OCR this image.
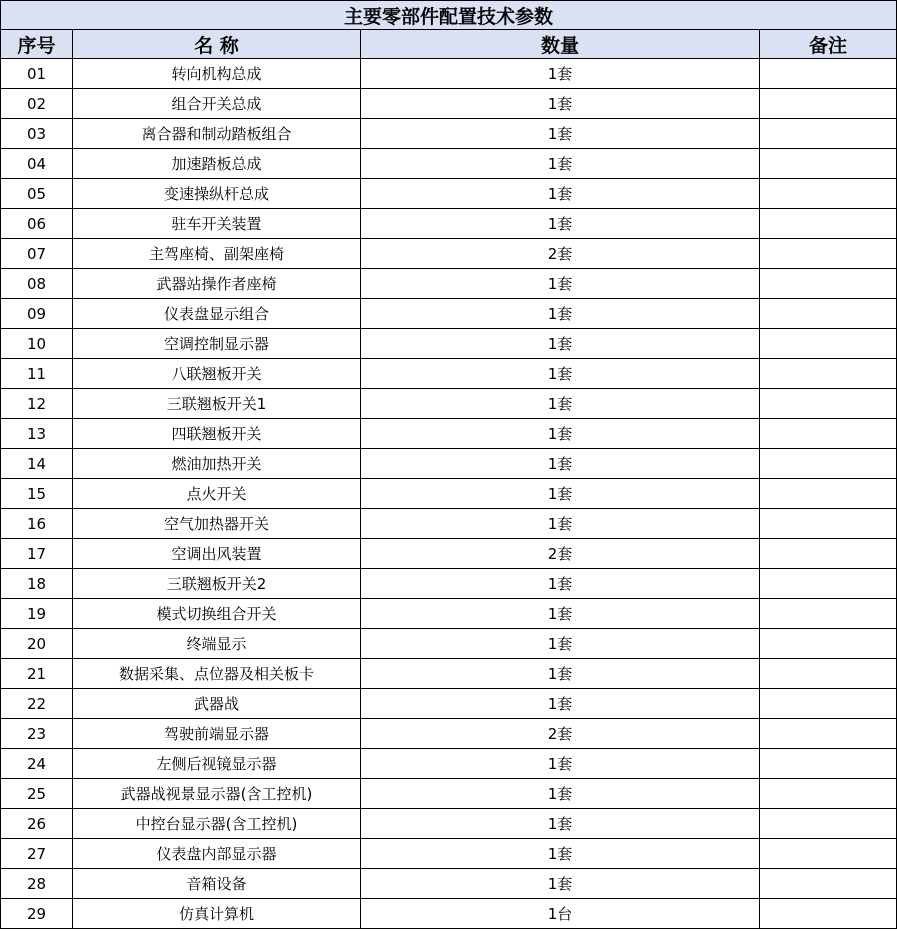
主要零部件配置技术参数			
序号	名 称	数量	备注
01	转向机构总成	1套	
02	组合开关总成	1套	
03	离合器和制动踏板组合	1套	
04	加速踏板总成	1套	
05	变速操纵杆总成	1套	
06	驻车开关装置	1套	
07	主驾座椅、副架座椅	2套	
08	武器站操作者座椅	1套	
09	仪表盘显示组合	1套	
10	空调控制显示器	1套	
11	八联翘板开关	1套	
12	三联翘板开关1	1套	
13	四联翘板开关	1套	
14	燃油加热开关	1套	
15	点火开关	1套	
16	空气加热器开关	1套	
17	空调出风装置	2套	
18	三联翘板开关2	1套	
19	模式切换组合开关	1套	
20	终端显示	1套	
21	数据采集、点位器及相关板卡	1套	
22	武器战	1套	
23	驾驶前端显示器	2套	
24	左侧后视镜显示器	1套	
25	武器战视景显示器(含工控机)	1套	
26	中控台显示器(含工控机)	1套	
27	仪表盘内部显示器	1套	
28	音箱设备	1套	
29	仿真计算机	1台	
